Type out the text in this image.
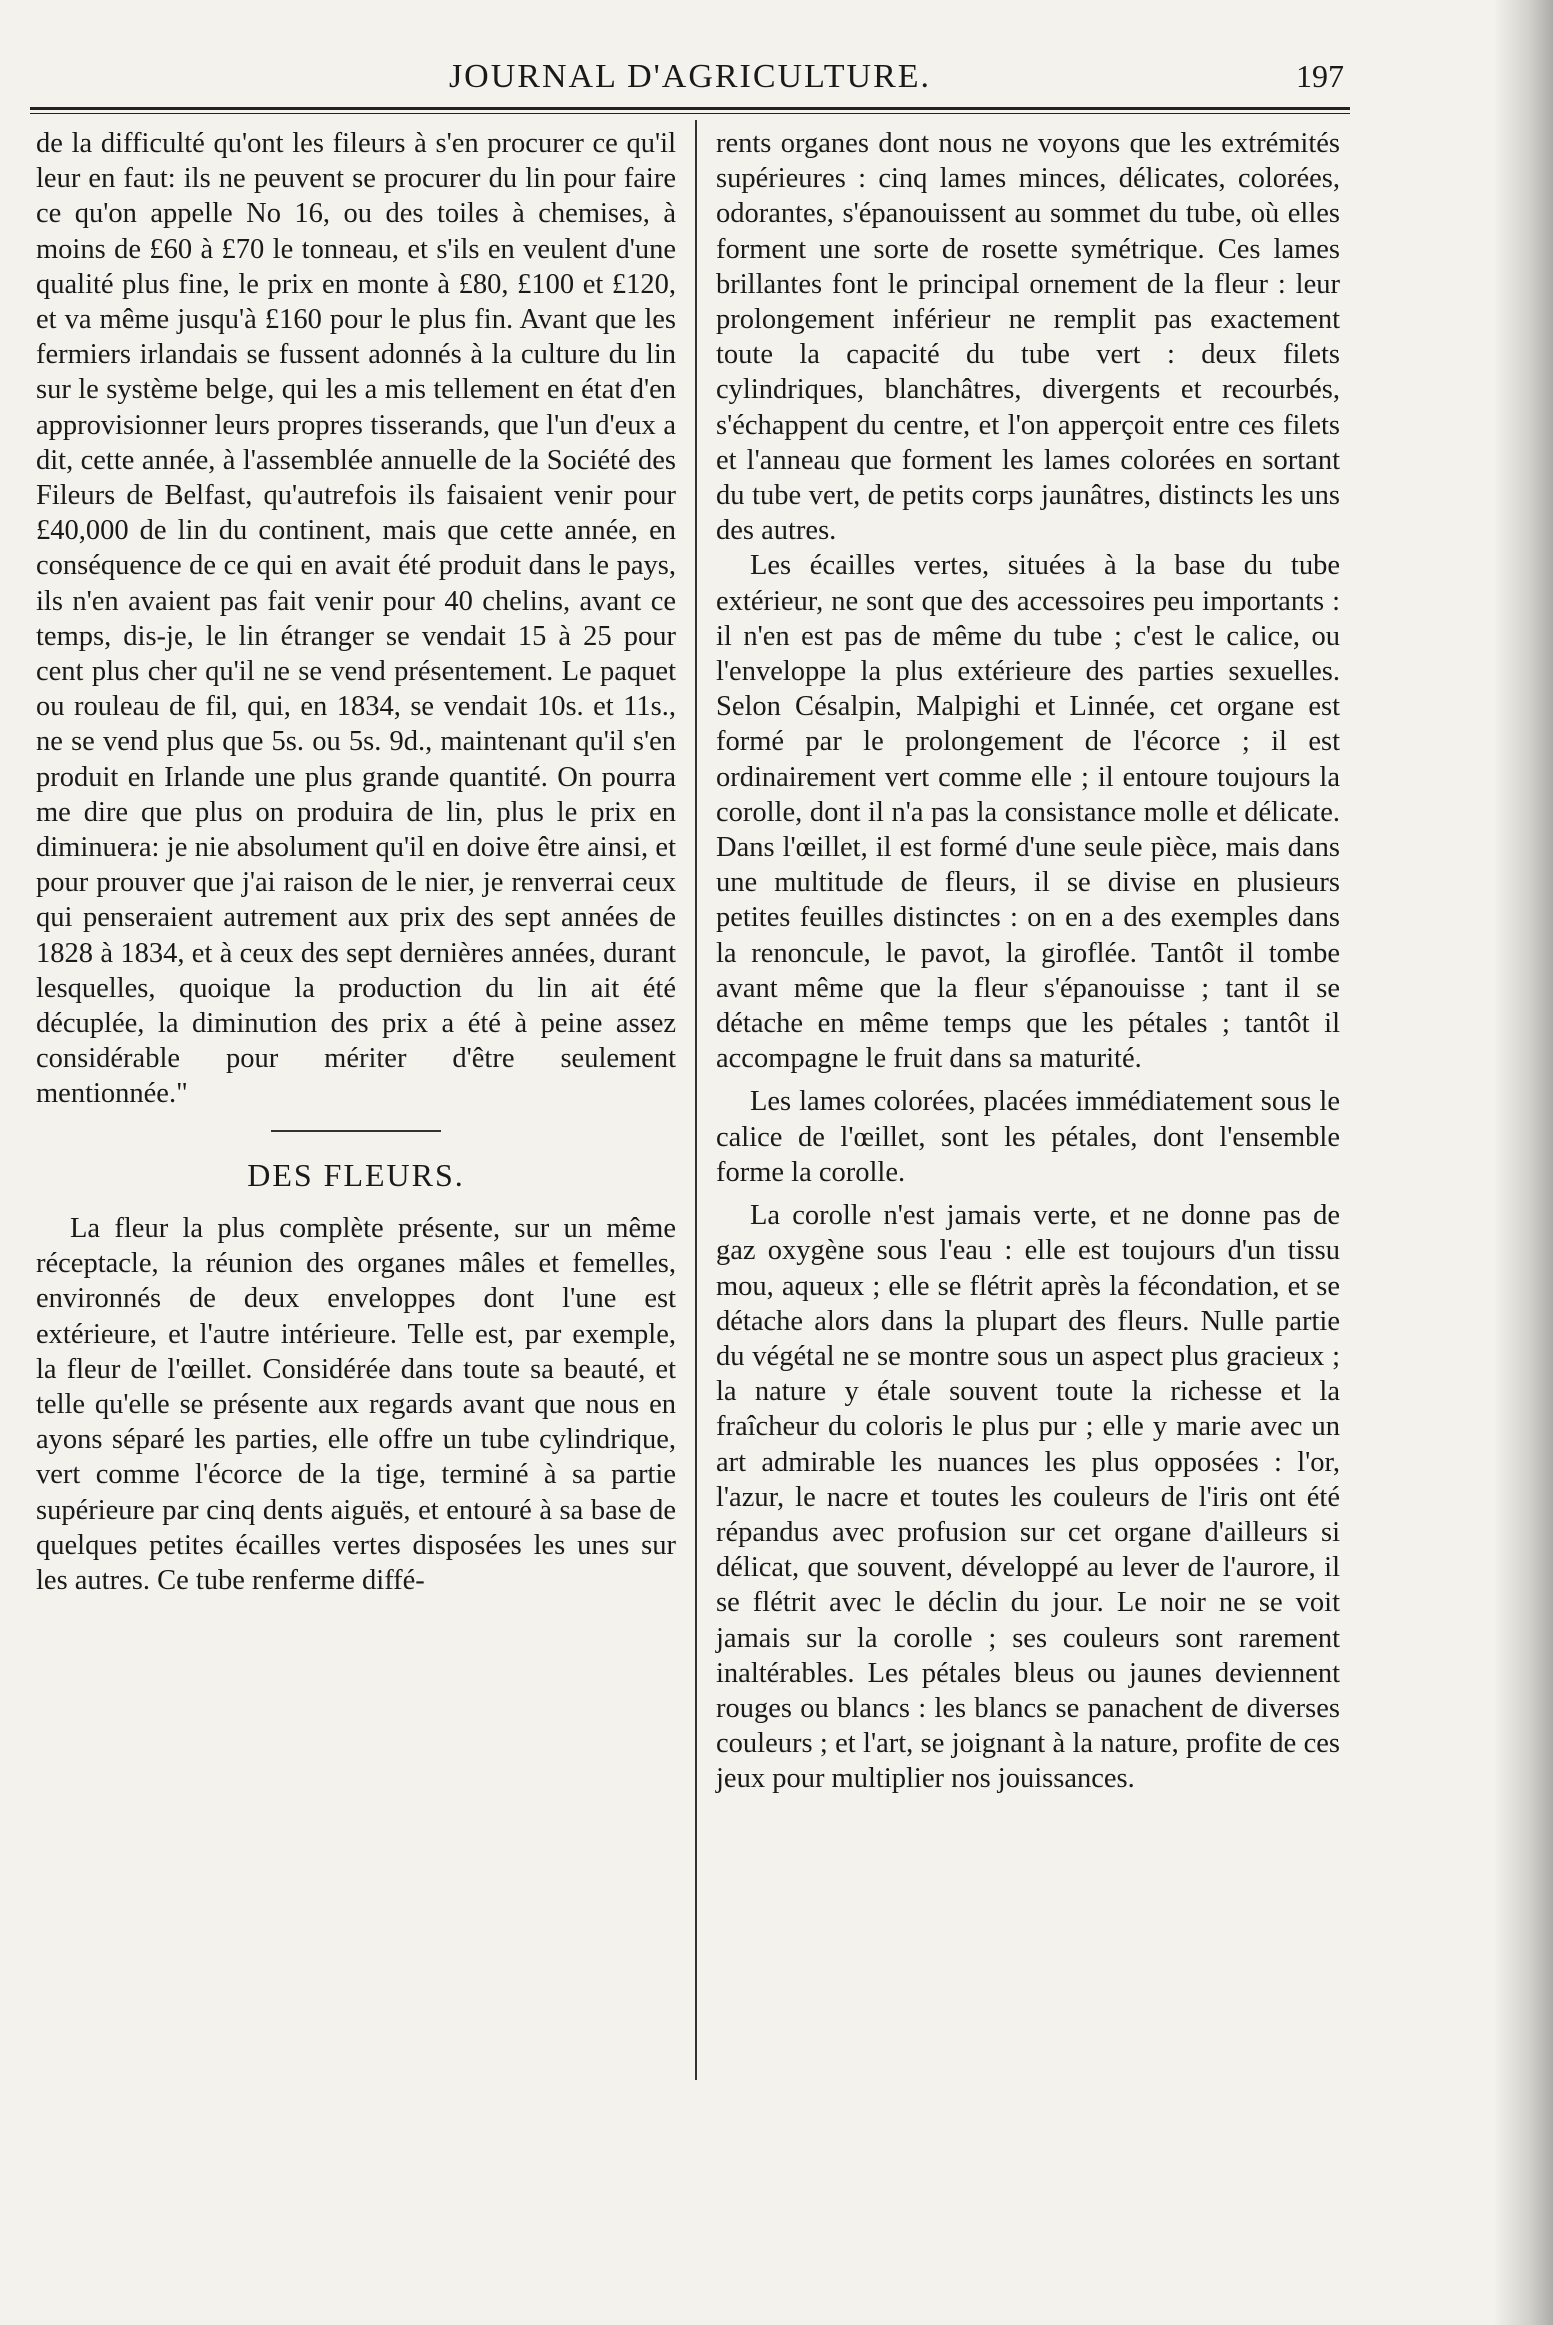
JOURNAL D'AGRICULTURE.	197

de la difficulté qu'ont les fileurs à s'en procurer ce qu'il leur en faut: ils ne peuvent se procurer du lin pour faire ce qu'on appelle No 16, ou des toiles à chemises, à moins de £60 à £70 le tonneau, et s'ils en veulent d'une qualité plus fine, le prix en monte à £80, £100 et £120, et va même jusqu'à £160 pour le plus fin. Avant que les fermiers irlandais se fussent adonnés à la culture du lin sur le système belge, qui les a mis tellement en état d'en approvisionner leurs propres tisserands, que l'un d'eux a dit, cette année, à l'assemblée annuelle de la Société des Fileurs de Belfast, qu'autrefois ils faisaient venir pour £40,000 de lin du continent, mais que cette année, en conséquence de ce qui en avait été produit dans le pays, ils n'en avaient pas fait venir pour 40 chelins, avant ce temps, dis-je, le lin étranger se vendait 15 à 25 pour cent plus cher qu'il ne se vend présentement. Le paquet ou rouleau de fil, qui, en 1834, se vendait 10s. et 11s., ne se vend plus que 5s. ou 5s. 9d., maintenant qu'il s'en produit en Irlande une plus grande quantité. On pourra me dire que plus on produira de lin, plus le prix en diminuera: je nie absolument qu'il en doive être ainsi, et pour prouver que j'ai raison de le nier, je renverrai ceux qui penseraient autrement aux prix des sept années de 1828 à 1834, et à ceux des sept dernières années, durant lesquelles, quoique la production du lin ait été décuplée, la diminution des prix a été à peine assez considérable pour mériter d'être seulement mentionnée."

DES FLEURS.

La fleur la plus complète présente, sur un même réceptacle, la réunion des organes mâles et femelles, environnés de deux enveloppes dont l'une est extérieure, et l'autre intérieure. Telle est, par exemple, la fleur de l'œillet. Considérée dans toute sa beauté, et telle qu'elle se présente aux regards avant que nous en ayons séparé les parties, elle offre un tube cylindrique, vert comme l'écorce de la tige, terminé à sa partie supérieure par cinq dents aiguës, et entouré à sa base de quelques petites écailles vertes disposées les unes sur les autres. Ce tube renferme diffé-

rents organes dont nous ne voyons que les extrémités supérieures : cinq lames minces, délicates, colorées, odorantes, s'épanouissent au sommet du tube, où elles forment une sorte de rosette symétrique. Ces lames brillantes font le principal ornement de la fleur : leur prolongement inférieur ne remplit pas exactement toute la capacité du tube vert : deux filets cylindriques, blanchâtres, divergents et recourbés, s'échappent du centre, et l'on apperçoit entre ces filets et l'anneau que forment les lames colorées en sortant du tube vert, de petits corps jaunâtres, distincts les uns des autres.

Les écailles vertes, situées à la base du tube extérieur, ne sont que des accessoires peu importants : il n'en est pas de même du tube ; c'est le calice, ou l'enveloppe la plus extérieure des parties sexuelles. Selon Césalpin, Malpighi et Linnée, cet organe est formé par le prolongement de l'écorce ; il est ordinairement vert comme elle ; il entoure toujours la corolle, dont il n'a pas la consistance molle et délicate. Dans l'œillet, il est formé d'une seule pièce, mais dans une multitude de fleurs, il se divise en plusieurs petites feuilles distinctes : on en a des exemples dans la renoncule, le pavot, la giroflée. Tantôt il tombe avant même que la fleur s'épanouisse ; tant il se détache en même temps que les pétales ; tantôt il accompagne le fruit dans sa maturité.

Les lames colorées, placées immédiatement sous le calice de l'œillet, sont les pétales, dont l'ensemble forme la corolle.

La corolle n'est jamais verte, et ne donne pas de gaz oxygène sous l'eau : elle est toujours d'un tissu mou, aqueux ; elle se flétrit après la fécondation, et se détache alors dans la plupart des fleurs. Nulle partie du végétal ne se montre sous un aspect plus gracieux ; la nature y étale souvent toute la richesse et la fraîcheur du coloris le plus pur ; elle y marie avec un art admirable les nuances les plus opposées : l'or, l'azur, le nacre et toutes les couleurs de l'iris ont été répandus avec profusion sur cet organe d'ailleurs si délicat, que souvent, développé au lever de l'aurore, il se flétrit avec le déclin du jour. Le noir ne se voit jamais sur la corolle ; ses couleurs sont rarement inaltérables. Les pétales bleus ou jaunes deviennent rouges ou blancs : les blancs se panachent de diverses couleurs ; et l'art, se joignant à la nature, profite de ces jeux pour multiplier nos jouissances.
